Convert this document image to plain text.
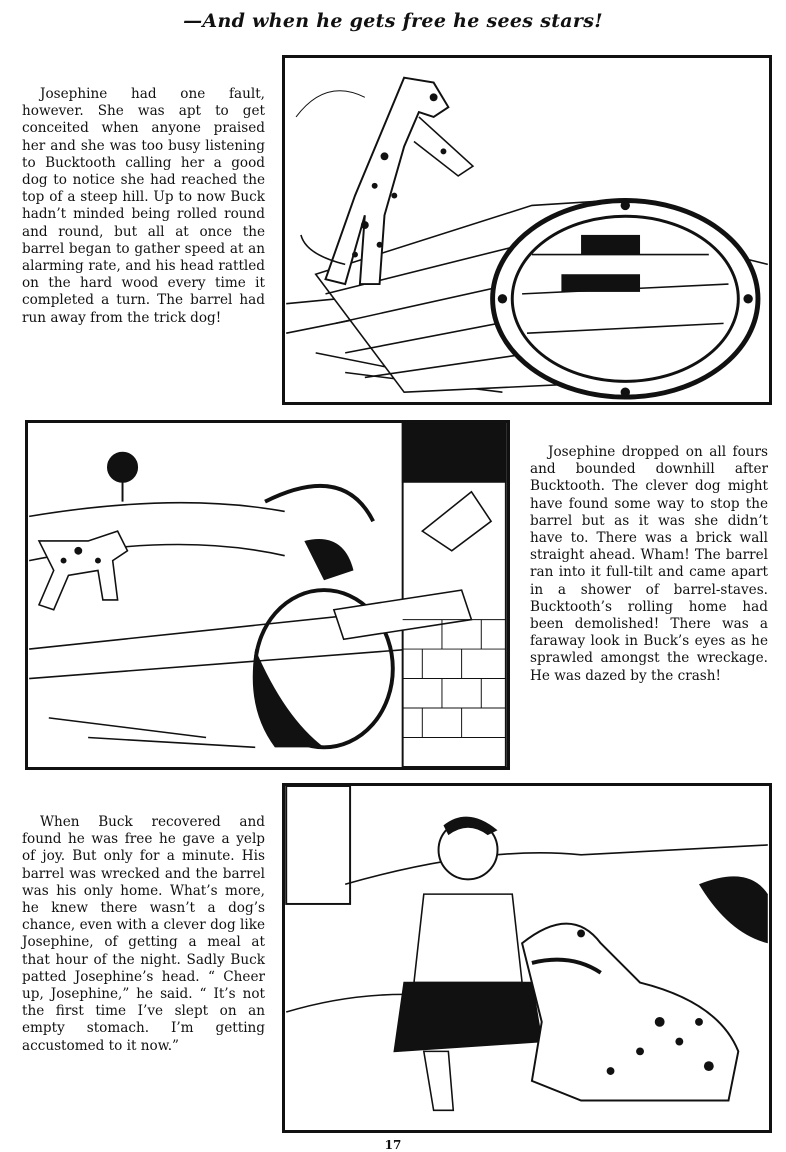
—And when he gets free he sees stars!

Josephine had one fault, however. She was apt to get conceited when anyone praised her and she was too busy listening to Bucktooth calling her a good dog to notice she had reached the top of a steep hill. Up to now Buck hadn’t minded being rolled round and round, but all at once the barrel began to gather speed at an alarming rate, and his head rattled on the hard wood every time it completed a turn. The barrel had run away from the trick dog!

Josephine dropped on all fours and bounded downhill after Bucktooth. The clever dog might have found some way to stop the barrel but as it was she didn’t have to. There was a brick wall straight ahead. Wham! The barrel ran into it full-tilt and came apart in a shower of barrel-staves. Bucktooth’s rolling home had been demolished! There was a faraway look in Buck’s eyes as he sprawled amongst the wreckage. He was dazed by the crash!

When Buck recovered and found he was free he gave a yelp of joy. But only for a minute. His barrel was wrecked and the barrel was his only home. What’s more, he knew there wasn’t a dog’s chance, even with a clever dog like Josephine, of getting a meal at that hour of the night. Sadly Buck patted Josephine’s head. “ Cheer up, Josephine,” he said. “ It’s not the first time I’ve slept on an empty stomach. I’m getting accustomed to it now.”

17
